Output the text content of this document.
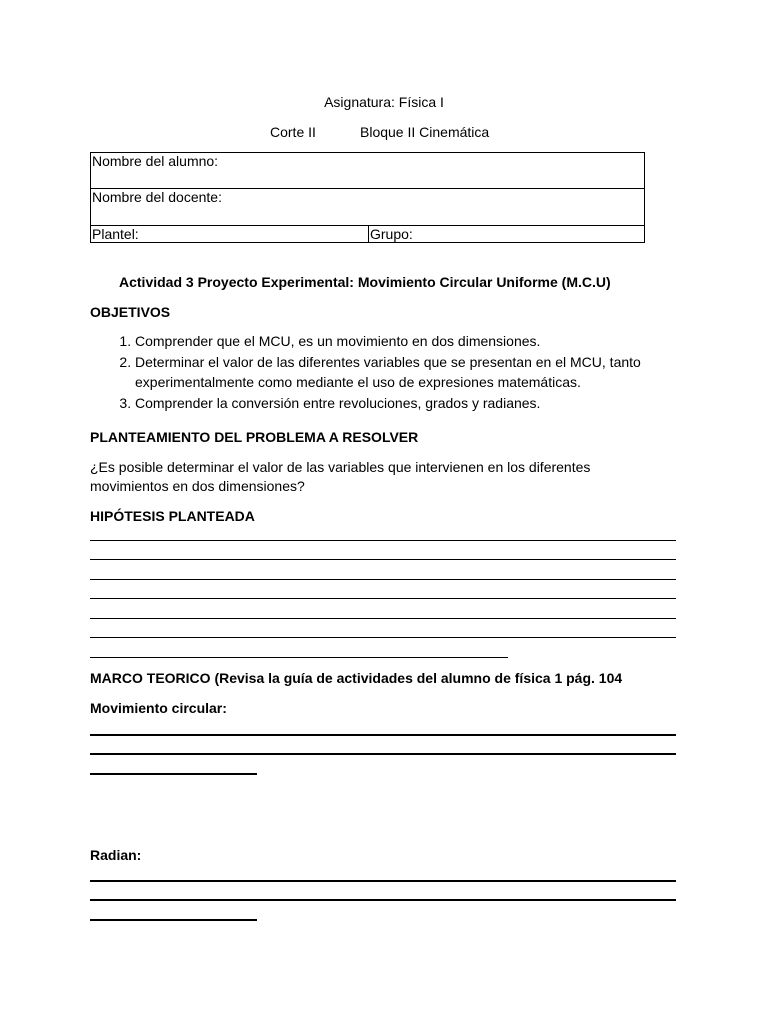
Asignatura: Física I
Corte II	Bloque II Cinemática
Nombre del alumno:
Nombre del docente:
Plantel:	Grupo:
Actividad 3 Proyecto Experimental: Movimiento Circular Uniforme (M.C.U)
OBJETIVOS
1. Comprender que el MCU, es un movimiento en dos dimensiones.
2. Determinar el valor de las diferentes variables que se presentan en el MCU, tanto experimentalmente como mediante el uso de expresiones matemáticas.
3. Comprender la conversión entre revoluciones, grados y radianes.
PLANTEAMIENTO DEL PROBLEMA A RESOLVER
¿Es posible determinar el valor de las variables que intervienen en los diferentes
movimientos en dos dimensiones?
HIPÓTESIS PLANTEADA
MARCO TEORICO (Revisa la guía de actividades del alumno de física 1 pág. 104
Movimiento circular:
Radian:
